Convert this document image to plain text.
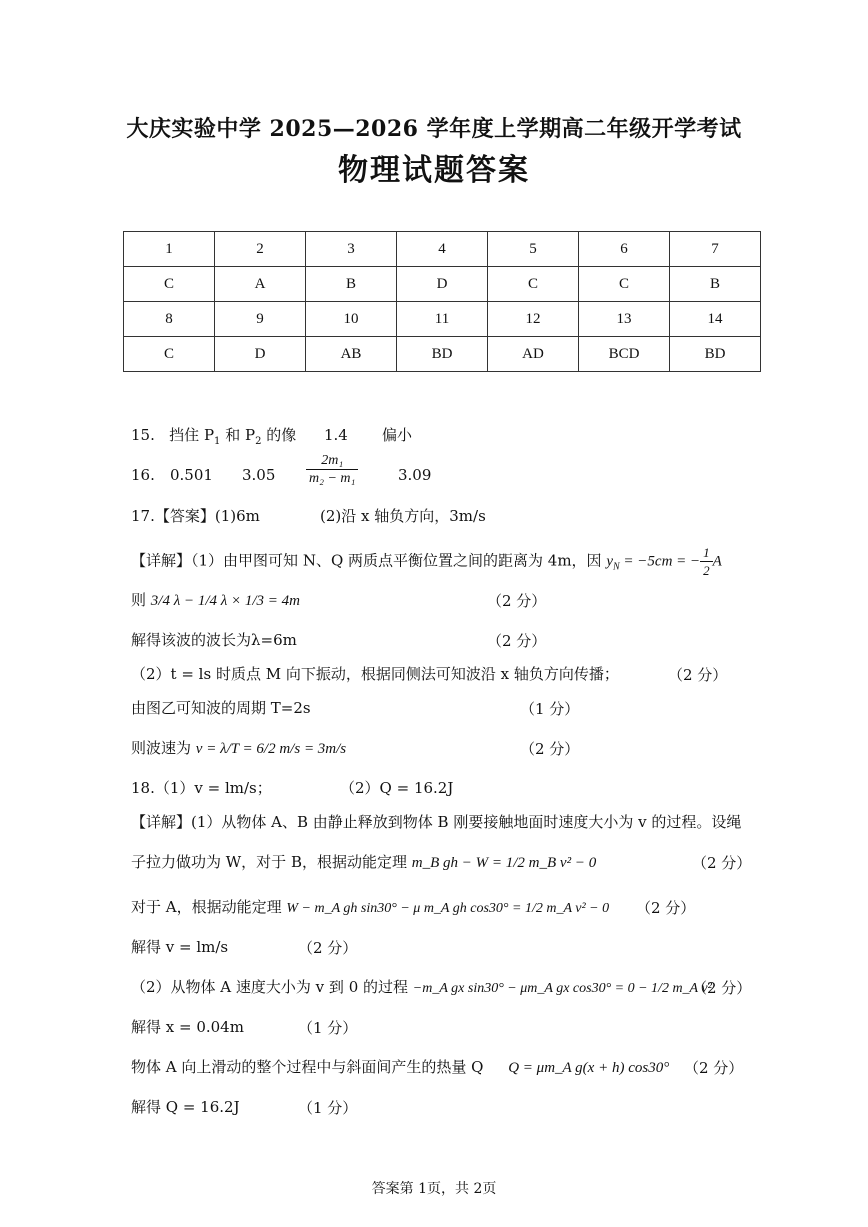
大庆实验中学 2025—2026 学年度上学期高二年级开学考试
物理试题答案
1	2	3	4	5	6	7
C	A	B	D	C	C	B
8	9	10	11	12	13	14
C	D	AB	BD	AD	BCD	BD
15. 挡住 $P_1$ 和 $P_2$ 的像 1.4 偏小
16. 0.501 $3.05 \frac{\text{2m₁}}{\text{m₂ − m₁}}$	3.09
17.【答案】(1)6m	(2)沿 x 轴负方向，3m/s
【详解】（1）由甲图可知 N、Q 两质点平衡位置之间的距离为 4m，因 $y_N = -5cm$ = − $\frac{1}{2}$ A
则 3/4 λ − 1/4 λ × 1/3 = 4m	（2 分）
解得该波的波长为λ=6m	（2 分）
（2）t = ls 时质点 M 向下振动，根据同侧法可知波沿 x 轴负方向传播；	（2 分）
由图乙可知波的周期 T=2s	（1 分）
则波速为 v = λ/T = 6/2 m/s = 3m/s	（2 分）
18.（1）v = lm/s；	（2）Q = 16.2J
【详解】(1）从物体 A、B 由静止释放到物体 B 刚要接触地面时速度大小为 v 的过程。设绳
子拉力做功为 W，对于 B，根据动能定理 m_B gh − W = 1/2 m_B v² − 0	（2 分）
对于 A，根据动能定理 W − m_A gh sin30° − μ m_A gh cos30° = 1/2 m_A v² − 0 （2 分）
解得 v = lm/s	（2 分）
（2）从物体 A 速度大小为 v 到 0 的过程 −m_A gx sin30° − μm_A gx cos30° = 0 − 1/2 m_A v²
（2 分）
解得 x = 0.04m	（1 分）
物体 A 向上滑动的整个过程中与斜面间产生的热量 Q Q = μm_A g(x + h) cos30° （2 分）
解得 Q = 16.2J	（1 分）
答案第 1页，共 2页
